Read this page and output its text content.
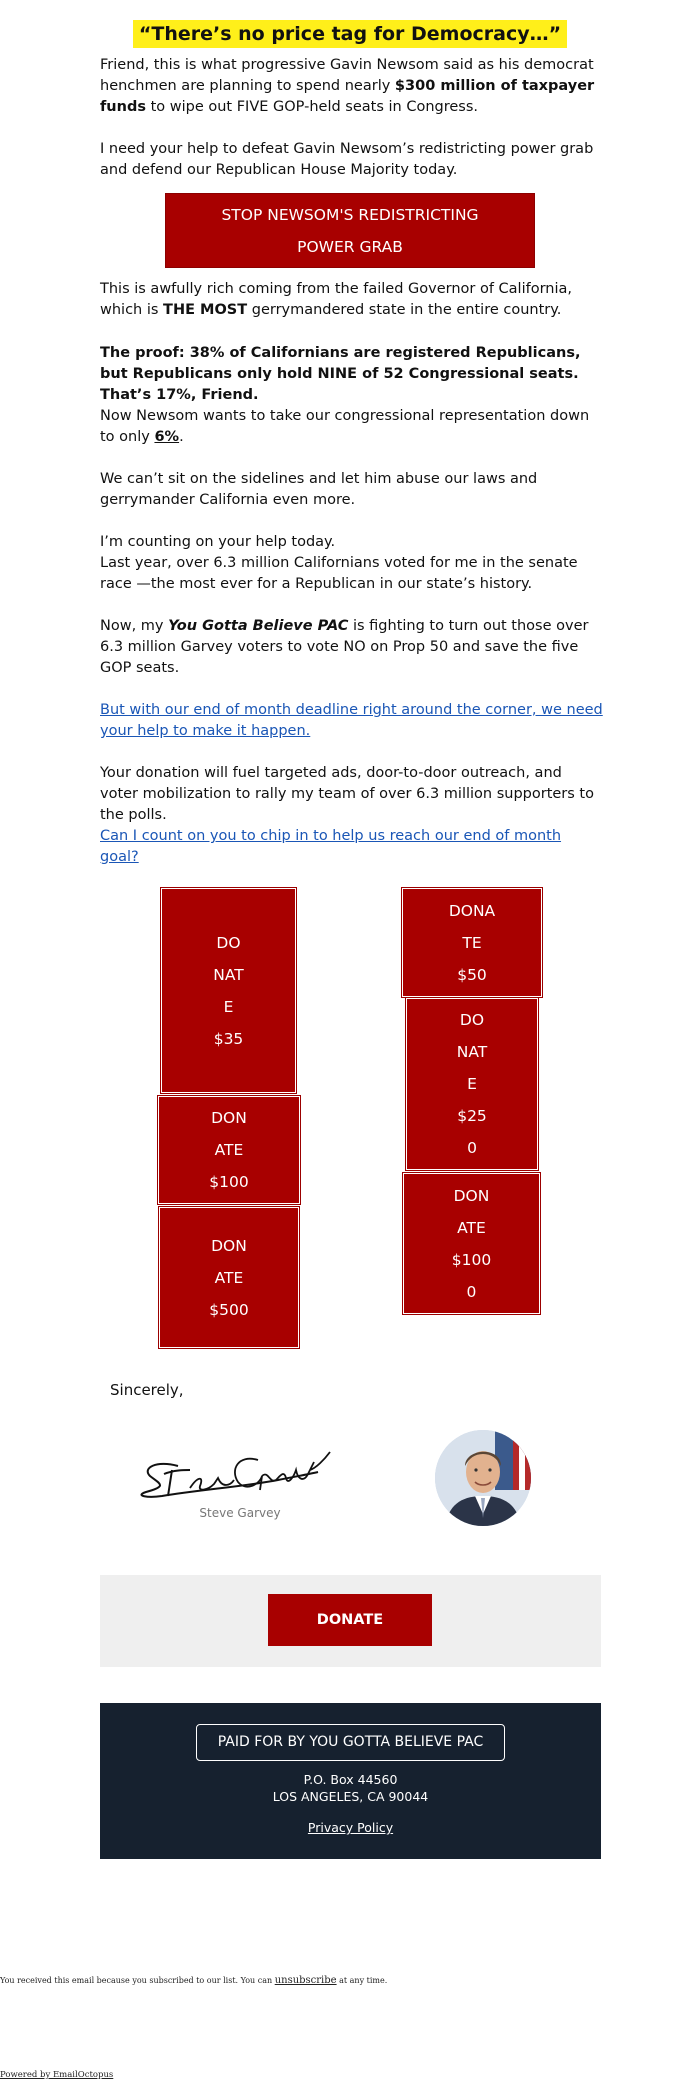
“There’s no price tag for Democracy…”

Friend, this is what progressive Gavin Newsom said as his democrat henchmen are planning to spend nearly $300 million of taxpayer funds to wipe out FIVE GOP-held seats in Congress.

I need your help to defeat Gavin Newsom’s redistricting power grab and defend our Republican House Majority today.

STOP NEWSOM'S REDISTRICTING
POWER GRAB

This is awfully rich coming from the failed Governor of California, which is THE MOST gerrymandered state in the entire country.

The proof: 38% of Californians are registered Republicans, but Republicans only hold NINE of 52 Congressional seats. That’s 17%, Friend.

Now Newsom wants to take our congressional representation down to only 6%.

We can’t sit on the sidelines and let him abuse our laws and gerrymander California even more.

I’m counting on your help today.
Last year, over 6.3 million Californians voted for me in the senate race —the most ever for a Republican in our state’s history.

Now, my You Gotta Believe PAC is fighting to turn out those over 6.3 million Garvey voters to vote NO on Prop 50 and save the five GOP seats.

But with our end of month deadline right around the corner, we need your help to make it happen.

Your donation will fuel targeted ads, door-to-door outreach, and voter mobilization to rally my team of over 6.3 million supporters to the polls.

Can I count on you to chip in to help us reach our end of month goal?

DO
NAT
E
$35
DONA
TE
$50
DO
NAT
E
$25
0
DON
ATE
$100
DON
ATE
$100
0
DON
ATE
$500
Sincerely,
Steve Garvey
DONATE
PAID FOR BY YOU GOTTA BELIEVE PAC
P.O. Box 44560
LOS ANGELES, CA 90044
Privacy Policy
You received this email because you subscribed to our list. You can unsubscribe at any time.
Powered by EmailOctopus
